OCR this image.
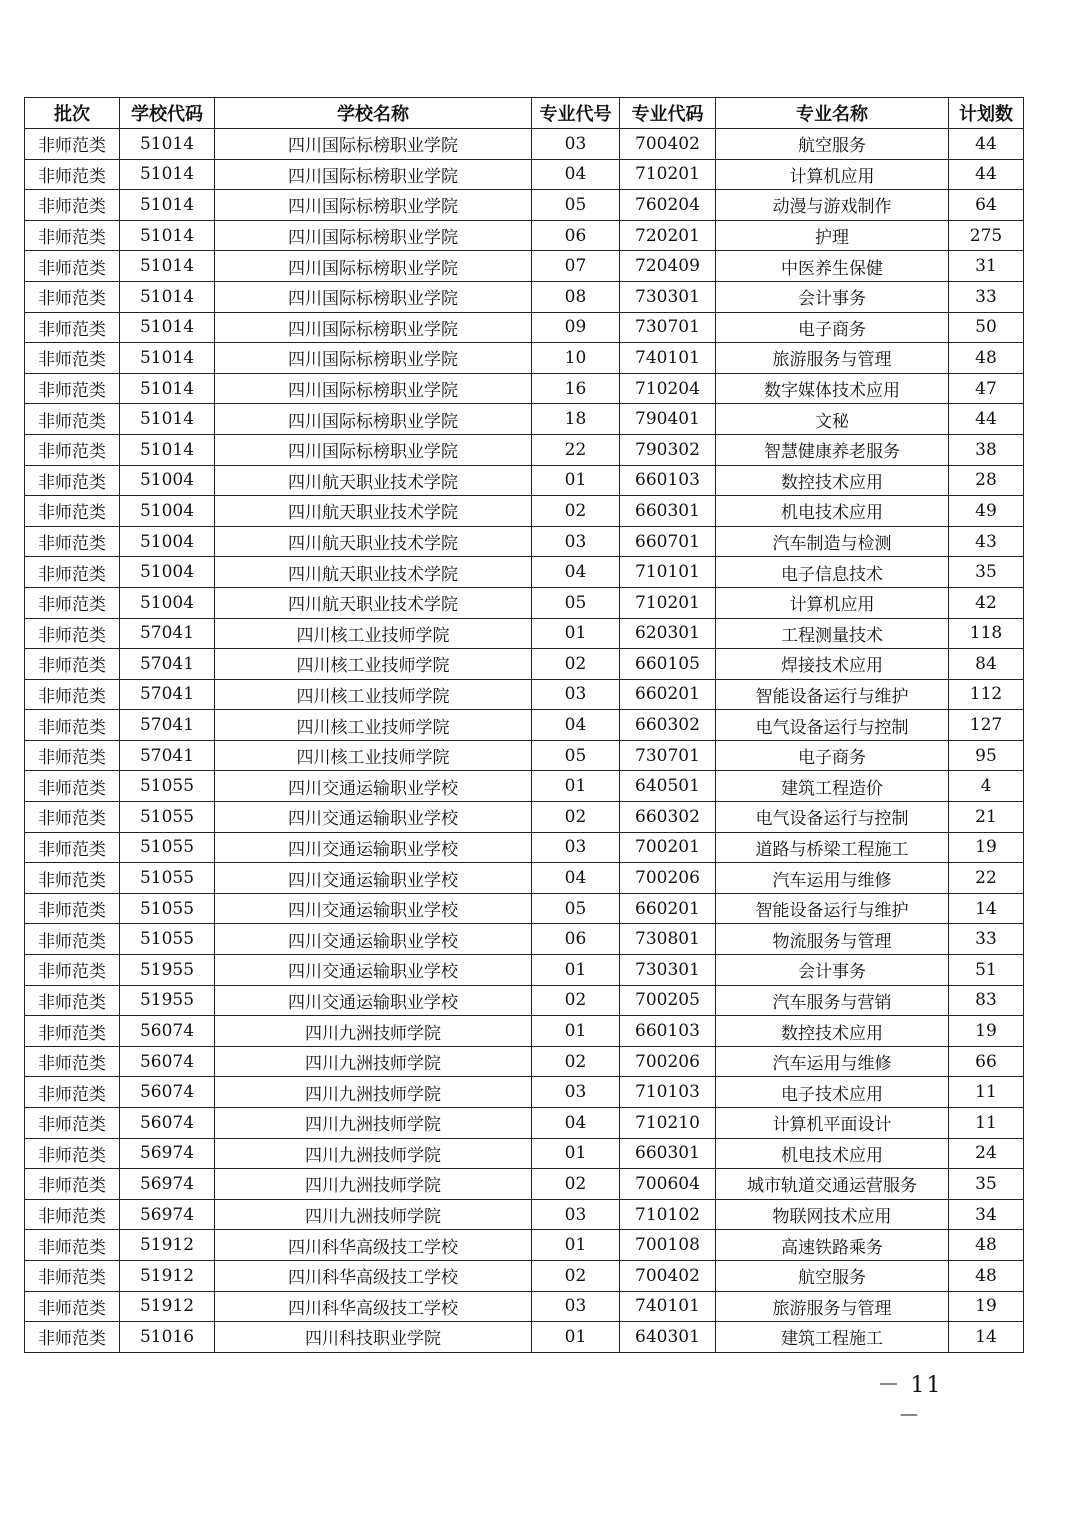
批次	学校代码	学校名称	专业代号	专业代码	专业名称	计划数
非师范类	51014	四川国际标榜职业学院	03	700402	航空服务	44
非师范类	51014	四川国际标榜职业学院	04	710201	计算机应用	44
非师范类	51014	四川国际标榜职业学院	05	760204	动漫与游戏制作	64
非师范类	51014	四川国际标榜职业学院	06	720201	护理	275
非师范类	51014	四川国际标榜职业学院	07	720409	中医养生保健	31
非师范类	51014	四川国际标榜职业学院	08	730301	会计事务	33
非师范类	51014	四川国际标榜职业学院	09	730701	电子商务	50
非师范类	51014	四川国际标榜职业学院	10	740101	旅游服务与管理	48
非师范类	51014	四川国际标榜职业学院	16	710204	数字媒体技术应用	47
非师范类	51014	四川国际标榜职业学院	18	790401	文秘	44
非师范类	51014	四川国际标榜职业学院	22	790302	智慧健康养老服务	38
非师范类	51004	四川航天职业技术学院	01	660103	数控技术应用	28
非师范类	51004	四川航天职业技术学院	02	660301	机电技术应用	49
非师范类	51004	四川航天职业技术学院	03	660701	汽车制造与检测	43
非师范类	51004	四川航天职业技术学院	04	710101	电子信息技术	35
非师范类	51004	四川航天职业技术学院	05	710201	计算机应用	42
非师范类	57041	四川核工业技师学院	01	620301	工程测量技术	118
非师范类	57041	四川核工业技师学院	02	660105	焊接技术应用	84
非师范类	57041	四川核工业技师学院	03	660201	智能设备运行与维护	112
非师范类	57041	四川核工业技师学院	04	660302	电气设备运行与控制	127
非师范类	57041	四川核工业技师学院	05	730701	电子商务	95
非师范类	51055	四川交通运输职业学校	01	640501	建筑工程造价	4
非师范类	51055	四川交通运输职业学校	02	660302	电气设备运行与控制	21
非师范类	51055	四川交通运输职业学校	03	700201	道路与桥梁工程施工	19
非师范类	51055	四川交通运输职业学校	04	700206	汽车运用与维修	22
非师范类	51055	四川交通运输职业学校	05	660201	智能设备运行与维护	14
非师范类	51055	四川交通运输职业学校	06	730801	物流服务与管理	33
非师范类	51955	四川交通运输职业学校	01	730301	会计事务	51
非师范类	51955	四川交通运输职业学校	02	700205	汽车服务与营销	83
非师范类	56074	四川九洲技师学院	01	660103	数控技术应用	19
非师范类	56074	四川九洲技师学院	02	700206	汽车运用与维修	66
非师范类	56074	四川九洲技师学院	03	710103	电子技术应用	11
非师范类	56074	四川九洲技师学院	04	710210	计算机平面设计	11
非师范类	56974	四川九洲技师学院	01	660301	机电技术应用	24
非师范类	56974	四川九洲技师学院	02	700604	城市轨道交通运营服务	35
非师范类	56974	四川九洲技师学院	03	710102	物联网技术应用	34
非师范类	51912	四川科华高级技工学校	01	700108	高速铁路乘务	48
非师范类	51912	四川科华高级技工学校	02	700402	航空服务	48
非师范类	51912	四川科华高级技工学校	03	740101	旅游服务与管理	19
非师范类	51016	四川科技职业学院	01	640301	建筑工程施工	14
－ 11 －
